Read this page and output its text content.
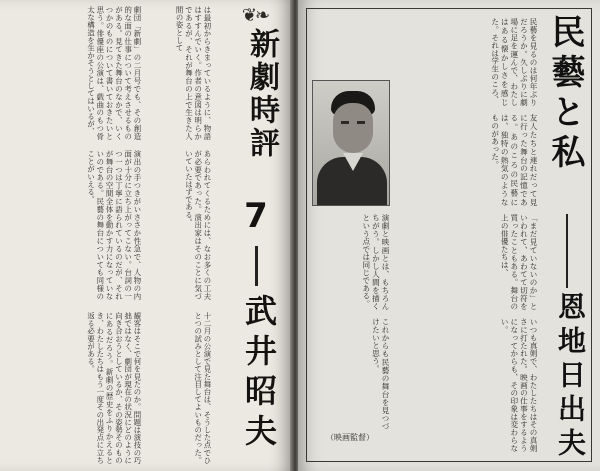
劇団「新劇」の二月号でも、その創造的な面の仕事について考えさせるものがある。見てきた舞台のなかで、いくつかのものについて書いておきたいと思う。俳優座の公演は、戯曲のもつ骨太な構造を生かそうとしてはいるが、
演出の手つきがいささか性急で、人物の内面が十分に立ち上がってこない。台詞の一つ一つは丁寧に語られているのだが、それが舞台の空間全体を動かす力になっていないのである。民藝の舞台についても同様のことがいえる。
観客はそこで何を見たのか。問題は演技の巧拙ではなく、劇団が現在の状況にどのように向き合おうとしているか、その姿勢そのものにあるだろう。新劇の歴史をふりかえるとき、わたしたちはもう一度その出発点に立ち返る必要がある。
は最初からきまっているように、物語はすすんでいく。作者の意図は明らかであるが、それが舞台の上で生きた人間の姿として
あらわれてくるためには、なお多くの工夫が必要であった。演出家はそのことに気づいていたはずである。
十二月の公演で見た舞台は、そうした点でひとつの試みとして注目してよいものだった。
❦❧
新劇時評
7
武井昭夫
民藝と私
恩地日出夫
民藝を見るのは何年ぶりだろうか。久しぶりに劇場に足を運んで、わたしはある懐かしさを感じた。それは学生のころ、
友人たちと連れだって見に行った舞台の記憶である。あのころの民藝には、独特の熱気のようなものがあった。
「まだ見ていないのか」といわれて、あわてて切符を買ったこともある。舞台の上の俳優たちは、
いつも真剣で、わたしたちはその真剣さに打たれた。映画の仕事をするようになってからも、その印象は変わらない。
演劇と映画とは、もちろんちがう。しかし人間を描くという点では同じである。
これからも民藝の舞台を見つづけたいと思う。
（映画監督）
